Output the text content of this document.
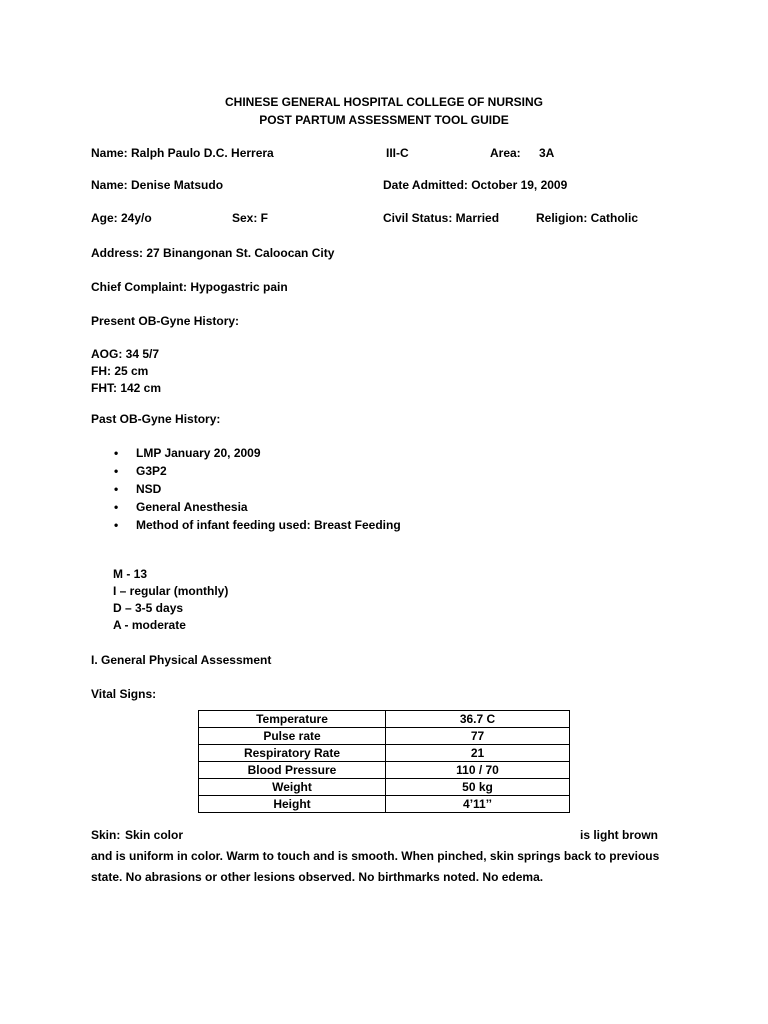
CHINESE GENERAL HOSPITAL COLLEGE OF NURSING
POST PARTUM ASSESSMENT TOOL GUIDE
Name: Ralph Paulo D.C. Herrera	III-C	Area: 3A
Name: Denise Matsudo	Date Admitted: October 19, 2009
Age: 24y/o	Sex: F	Civil Status: Married	Religion: Catholic
Address: 27 Binangonan St. Caloocan City
Chief Complaint: Hypogastric pain
Present OB-Gyne History:
AOG: 34 5/7
FH: 25 cm
FHT: 142 cm
Past OB-Gyne History:
• LMP January 20, 2009
• G3P2
• NSD
• General Anesthesia
• Method of infant feeding used: Breast Feeding
M - 13
I – regular (monthly)
D – 3-5 days
A - moderate
I. General Physical Assessment
Vital Signs:
Temperature	36.7 C
Pulse rate	77
Respiratory Rate	21
Blood Pressure	110 / 70
Weight	50 kg
Height	4’11’’
Skin: Skin color	is light brown
and is uniform in color. Warm to touch and is smooth. When pinched, skin springs back to previous
state. No abrasions or other lesions observed. No birthmarks noted. No edema.
